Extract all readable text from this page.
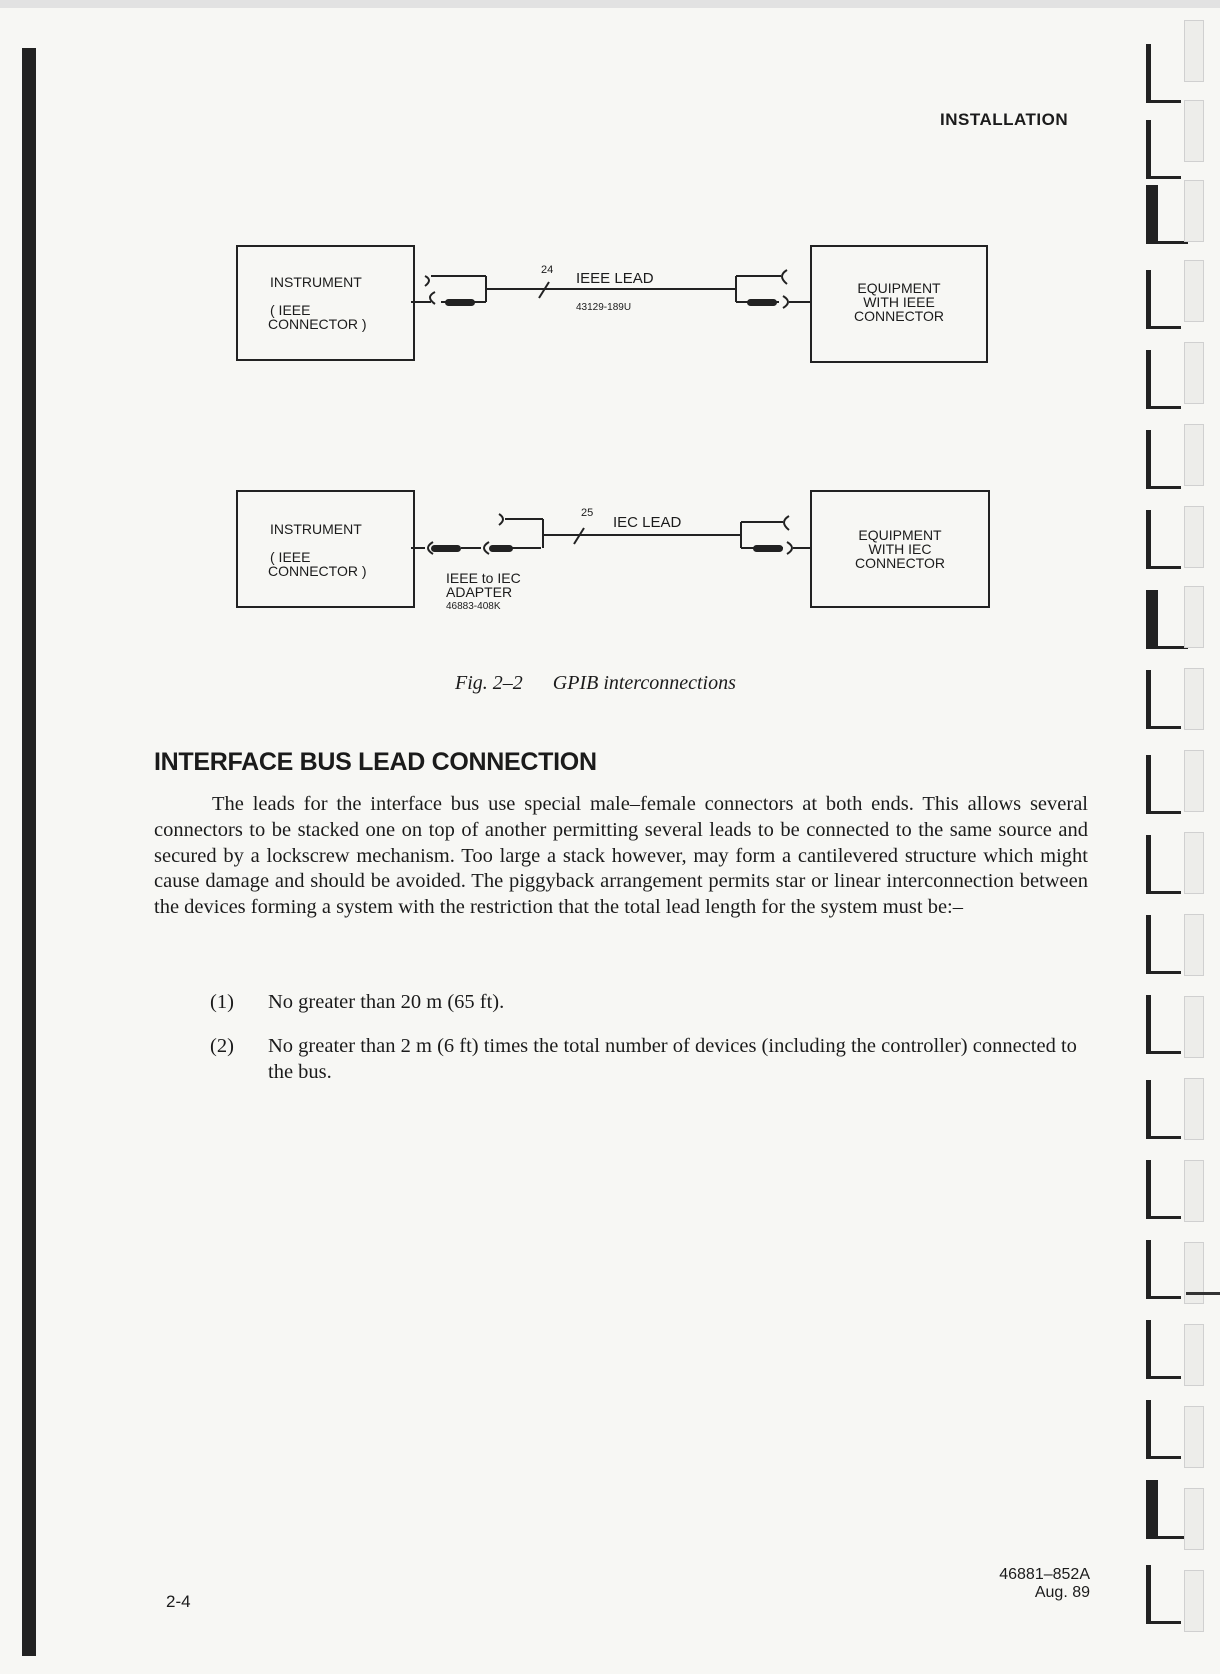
INSTALLATION
INSTRUMENT
( IEEE
CONNECTOR )
24 IEEE LEAD
43129-189U
EQUIPMENT
WITH IEEE
CONNECTOR
INSTRUMENT
( IEEE
CONNECTOR )
25
IEC LEAD
IEEE to IEC
ADAPTER
46883-408K
EQUIPMENT
WITH IEC
CONNECTOR
Fig. 2–2 GPIB interconnections
INTERFACE BUS LEAD CONNECTION

The leads for the interface bus use special male–female connectors at both ends. This allows several connectors to be stacked one on top of another permitting several leads to be connected to the same source and secured by a lockscrew mechanism. Too large a stack however, may form a cantilevered structure which might cause damage and should be avoided. The piggyback arrangement permits star or linear interconnection between the devices forming a system with the restriction that the total lead length for the system must be:–

(1) No greater than 20 m (65 ft).
(2) No greater than 2 m (6 ft) times the total number of devices (including the controller) connected to the bus.
2-4
46881–852A
Aug. 89
